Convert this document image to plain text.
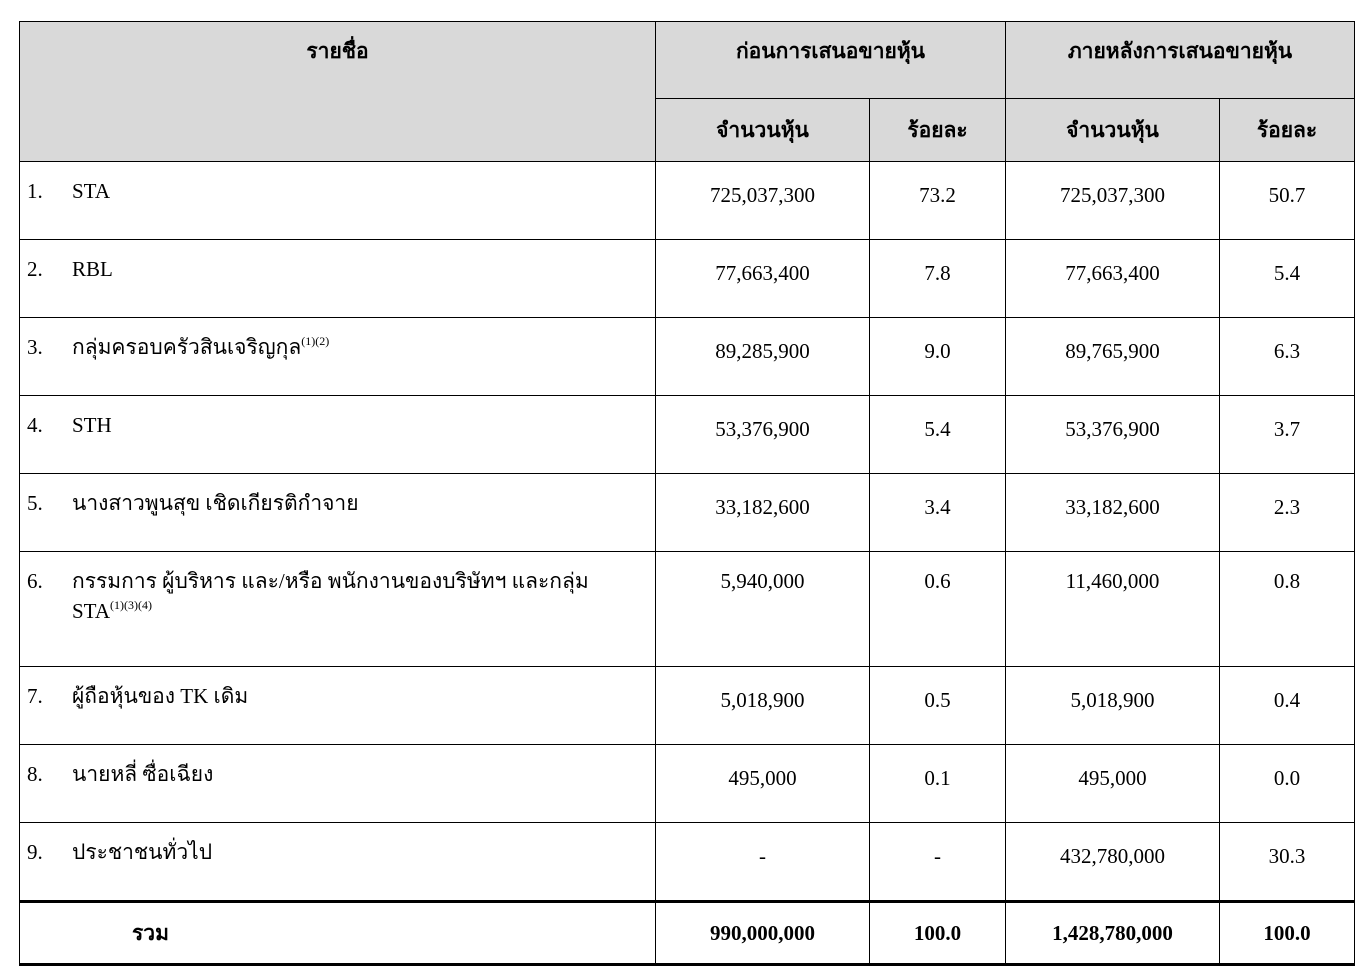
รายชื่อ	ก่อนการเสนอขายหุ้น		ภายหลังการเสนอขายหุ้น	
	จำนวนหุ้น	ร้อยละ	จำนวนหุ้น	ร้อยละ
1. STA	725,037,300	73.2	725,037,300	50.7
2. RBL	77,663,400	7.8	77,663,400	5.4
3. กลุ่มครอบครัวสินเจริญกุล$^{(1)(2)}$	89,285,900	9.0	89,765,900	6.3
4. STH	53,376,900	5.4	53,376,900	3.7
5. นางสาวพูนสุข เชิดเกียรติกำจาย	33,182,600	3.4	33,182,600	2.3
6. กรรมการ ผู้บริหาร และ/หรือ พนักงานของบริษัทฯ และกลุ่ม
$STA^{(1)(3)(4)}$	5,940,000	0.6	11,460,000	0.8
7. ผู้ถือหุ้นของ TK เดิม	5,018,900	0.5	5,018,900	0.4
8. นายหลี่ ซื่อเฉียง	495,000	0.1	495,000	0.0
9. ประชาชนทั่วไป	-	-	432,780,000	30.3
รวม	990,000,000	100.0	1,428,780,000	100.0
